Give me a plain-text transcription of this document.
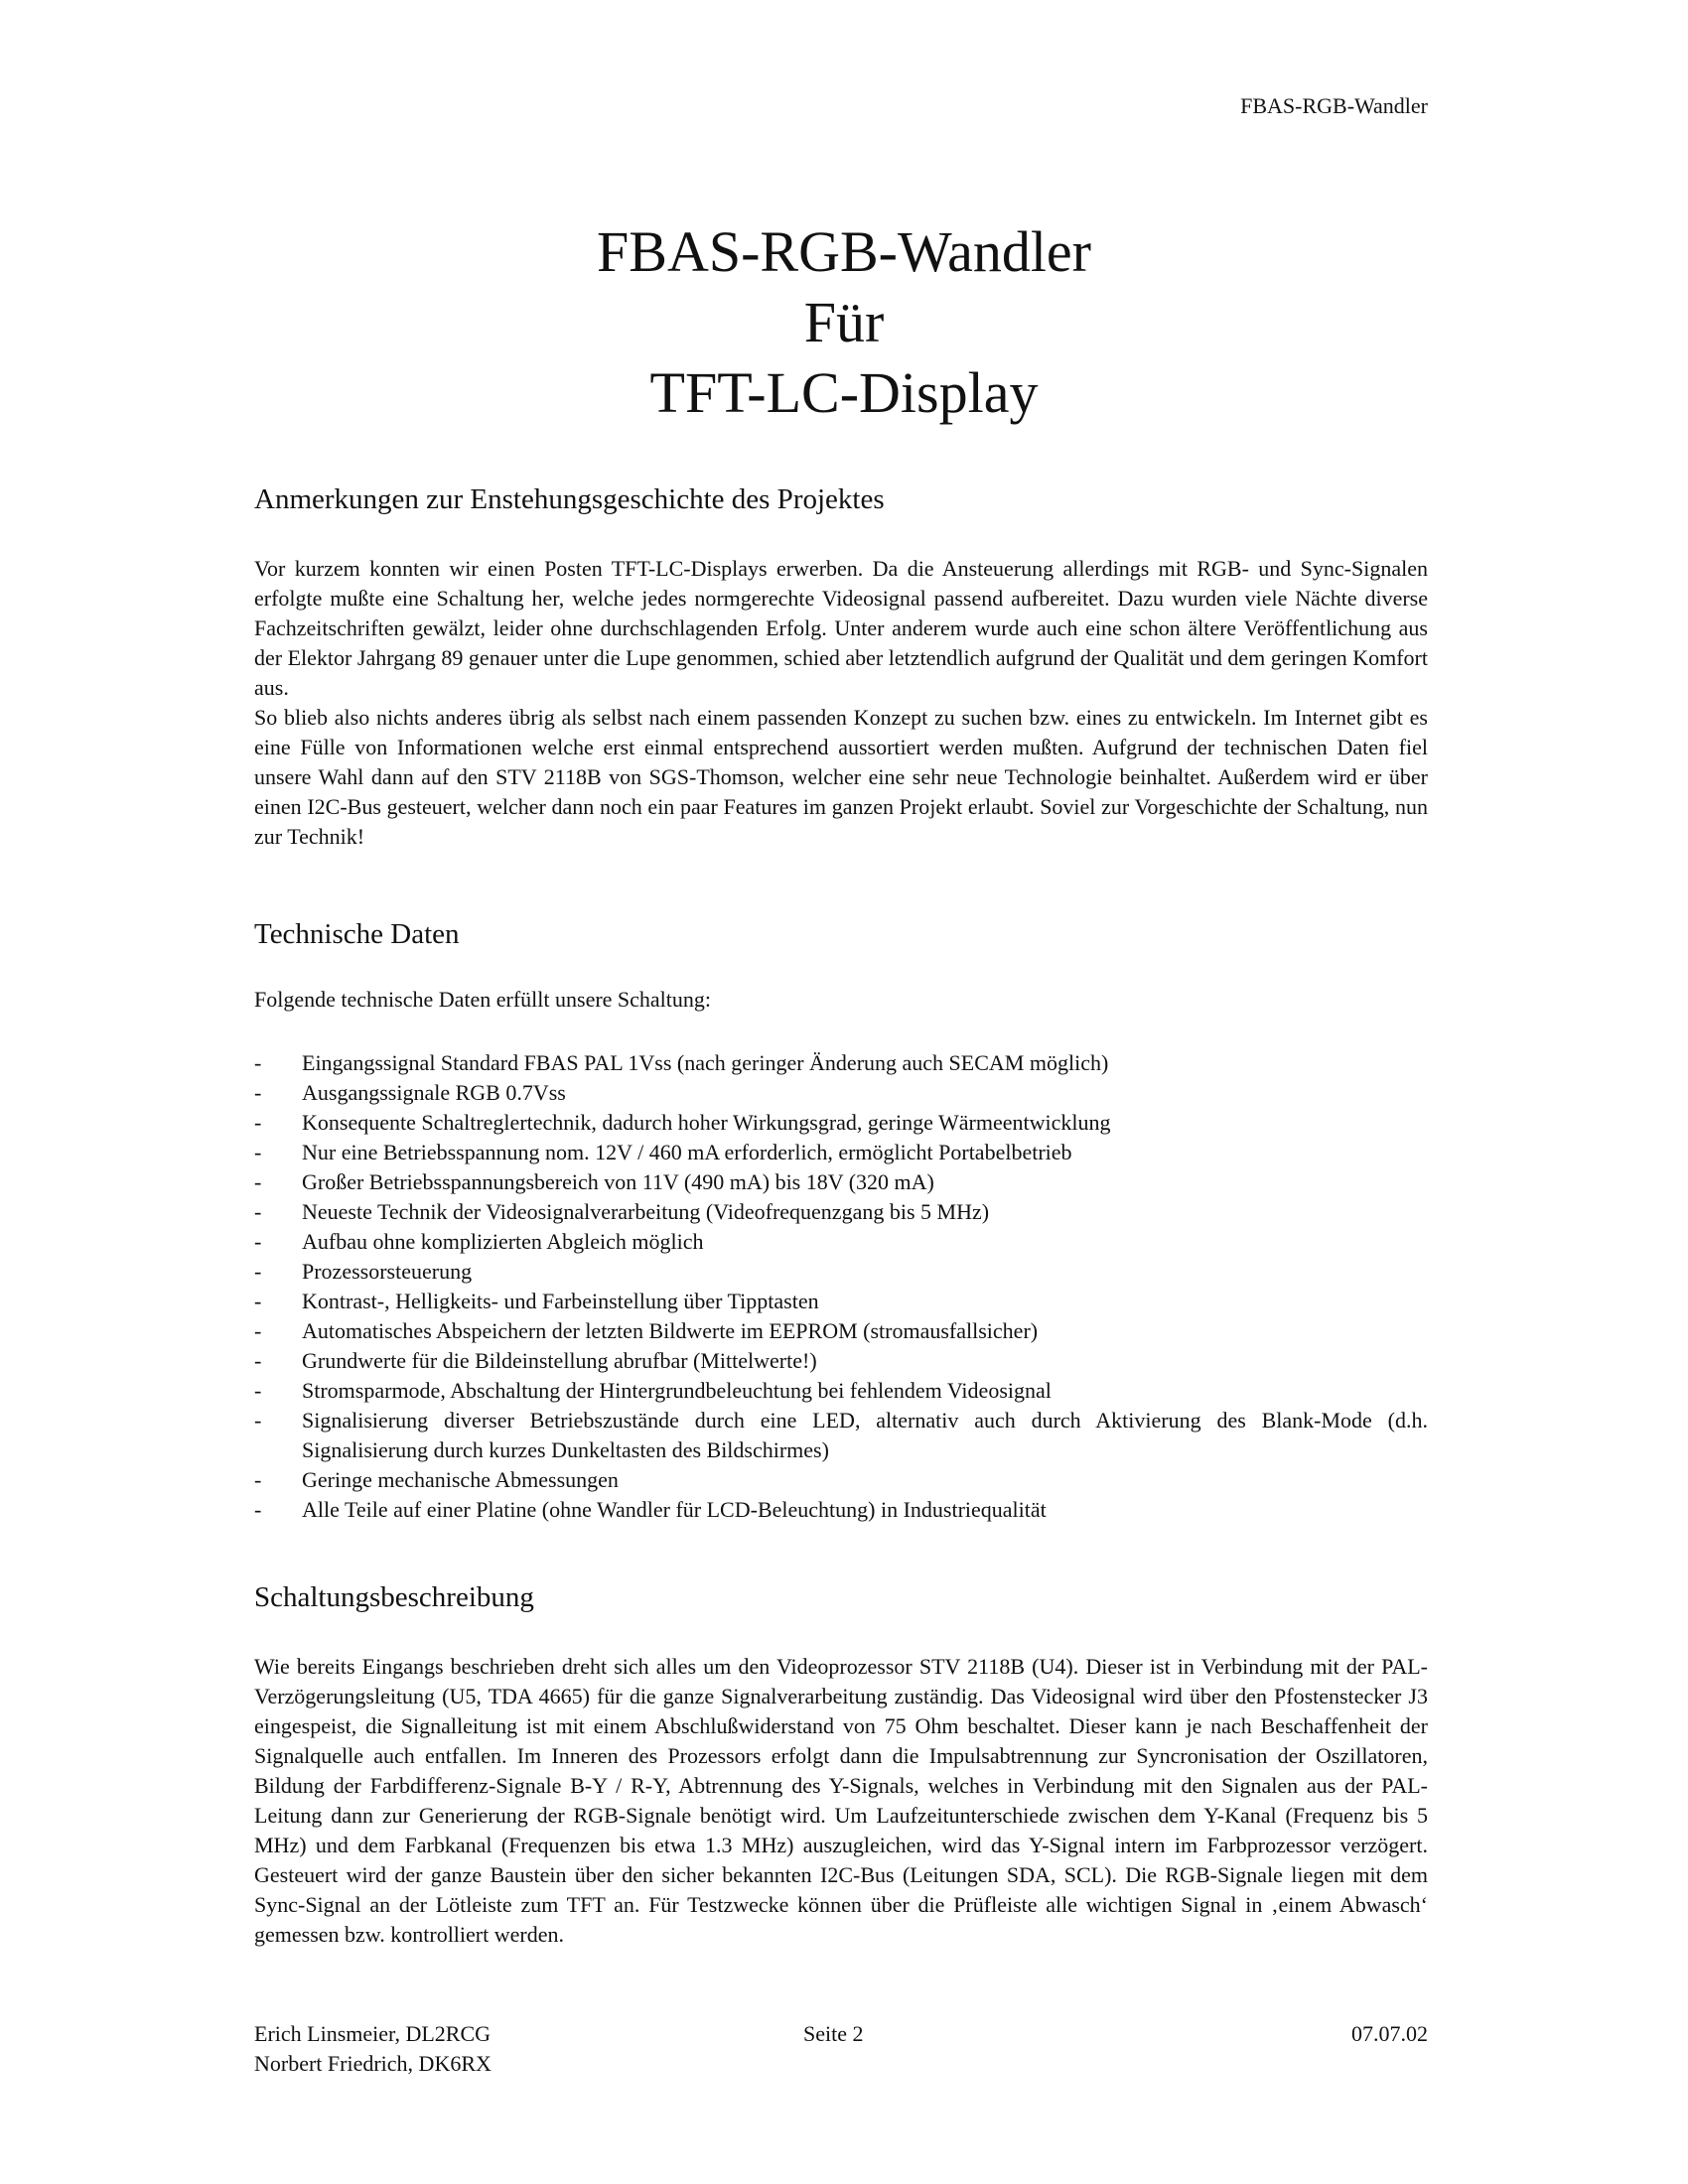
FBAS-RGB-Wandler
FBAS-RGB-Wandler
Für
TFT-LC-Display
Anmerkungen zur Enstehungsgeschichte des Projektes

Vor kurzem konnten wir einen Posten TFT-LC-Displays erwerben. Da die Ansteuerung allerdings mit RGB- und Sync-Signalen erfolgte mußte eine Schaltung her, welche jedes normgerechte Videosignal passend aufbereitet. Dazu wurden viele Nächte diverse Fachzeitschriften gewälzt, leider ohne durchschlagenden Erfolg. Unter anderem wurde auch eine schon ältere Veröffentlichung aus der Elektor Jahrgang 89 genauer unter die Lupe genommen, schied aber letztendlich aufgrund der Qualität und dem geringen Komfort aus.

So blieb also nichts anderes übrig als selbst nach einem passenden Konzept zu suchen bzw. eines zu entwickeln. Im Internet gibt es eine Fülle von Informationen welche erst einmal entsprechend aussortiert werden mußten. Aufgrund der technischen Daten fiel unsere Wahl dann auf den STV 2118B von SGS-Thomson, welcher eine sehr neue Technologie beinhaltet. Außerdem wird er über einen I2C-Bus gesteuert, welcher dann noch ein paar Features im ganzen Projekt erlaubt. Soviel zur Vorgeschichte der Schaltung, nun zur Technik!

Technische Daten

Folgende technische Daten erfüllt unsere Schaltung:

- Eingangssignal Standard FBAS PAL 1Vss (nach geringer Änderung auch SECAM möglich)
- Ausgangssignale RGB 0.7Vss
- Konsequente Schaltreglertechnik, dadurch hoher Wirkungsgrad, geringe Wärmeentwicklung
- Nur eine Betriebsspannung nom. 12V / 460 mA erforderlich, ermöglicht Portabelbetrieb
- Großer Betriebsspannungsbereich von 11V (490 mA) bis 18V (320 mA)
- Neueste Technik der Videosignalverarbeitung (Videofrequenzgang bis 5 MHz)
- Aufbau ohne komplizierten Abgleich möglich
- Prozessorsteuerung
- Kontrast-, Helligkeits- und Farbeinstellung über Tipptasten
- Automatisches Abspeichern der letzten Bildwerte im EEPROM (stromausfallsicher)
- Grundwerte für die Bildeinstellung abrufbar (Mittelwerte!)
- Stromsparmode, Abschaltung der Hintergrundbeleuchtung bei fehlendem Videosignal
- Signalisierung diverser Betriebszustände durch eine LED, alternativ auch durch Aktivierung des Blank-Mode (d.h. Signalisierung durch kurzes Dunkeltasten des Bildschirmes)
- Geringe mechanische Abmessungen
- Alle Teile auf einer Platine (ohne Wandler für LCD-Beleuchtung) in Industriequalität
Schaltungsbeschreibung

Wie bereits Eingangs beschrieben dreht sich alles um den Videoprozessor STV 2118B (U4). Dieser ist in Verbindung mit der PAL-Verzögerungsleitung (U5, TDA 4665) für die ganze Signalverarbeitung zuständig. Das Videosignal wird über den Pfostenstecker J3 eingespeist, die Signalleitung ist mit einem Abschlußwiderstand von 75 Ohm beschaltet. Dieser kann je nach Beschaffenheit der Signalquelle auch entfallen. Im Inneren des Prozessors erfolgt dann die Impulsabtrennung zur Syncronisation der Oszillatoren, Bildung der Farbdifferenz-Signale B-Y / R-Y, Abtrennung des Y-Signals, welches in Verbindung mit den Signalen aus der PAL-Leitung dann zur Generierung der RGB-Signale benötigt wird. Um Laufzeitunterschiede zwischen dem Y-Kanal (Frequenz bis 5 MHz) und dem Farbkanal (Frequenzen bis etwa 1.3 MHz) auszugleichen, wird das Y-Signal intern im Farbprozessor verzögert. Gesteuert wird der ganze Baustein über den sicher bekannten I2C-Bus (Leitungen SDA, SCL). Die RGB-Signale liegen mit dem Sync-Signal an der Lötleiste zum TFT an. Für Testzwecke können über die Prüfleiste alle wichtigen Signal in ‚einem Abwasch‘ gemessen bzw. kontrolliert werden.

Erich Linsmeier, DL2RCG
Norbert Friedrich, DK6RX
Seite 2	07.07.02
